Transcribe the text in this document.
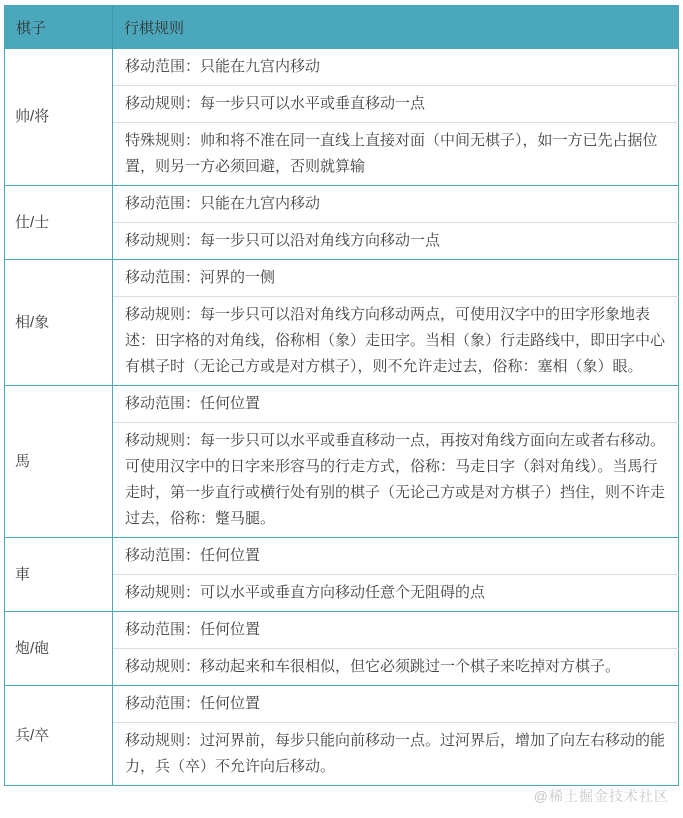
棋子	行棋规则
帅/将	移动范围：只能在九宫内移动
	移动规则：每一步只可以水平或垂直移动一点
	特殊规则：帅和将不准在同一直线上直接对面（中间无棋子），如一方已先占据位置，则另一方必须回避，否则就算输
仕/士	移动范围：只能在九宫内移动
	移动规则：每一步只可以沿对角线方向移动一点
相/象	移动范围：河界的一侧
	移动规则：每一步只可以沿对角线方向移动两点，可使用汉字中的田字形象地表述：田字格的对角线，俗称相（象）走田字。当相（象）行走路线中，即田字中心有棋子时（无论己方或是对方棋子），则不允许走过去，俗称：塞相（象）眼。
馬	移动范围：任何位置
	移动规则：每一步只可以水平或垂直移动一点，再按对角线方面向左或者右移动。可使用汉字中的日字来形容马的行走方式，俗称：马走日字（斜对角线）。当馬行走时，第一步直行或横行处有别的棋子（无论己方或是对方棋子）挡住，则不许走过去，俗称：蹩马腿。
車	移动范围：任何位置
	移动规则：可以水平或垂直方向移动任意个无阻碍的点
炮/砲	移动范围：任何位置
	移动规则：移动起来和车很相似，但它必须跳过一个棋子来吃掉对方棋子。
兵/卒	移动范围：任何位置
	移动规则：过河界前，每步只能向前移动一点。过河界后，增加了向左右移动的能力，兵（卒）不允许向后移动。
@稀土掘金技术社区
